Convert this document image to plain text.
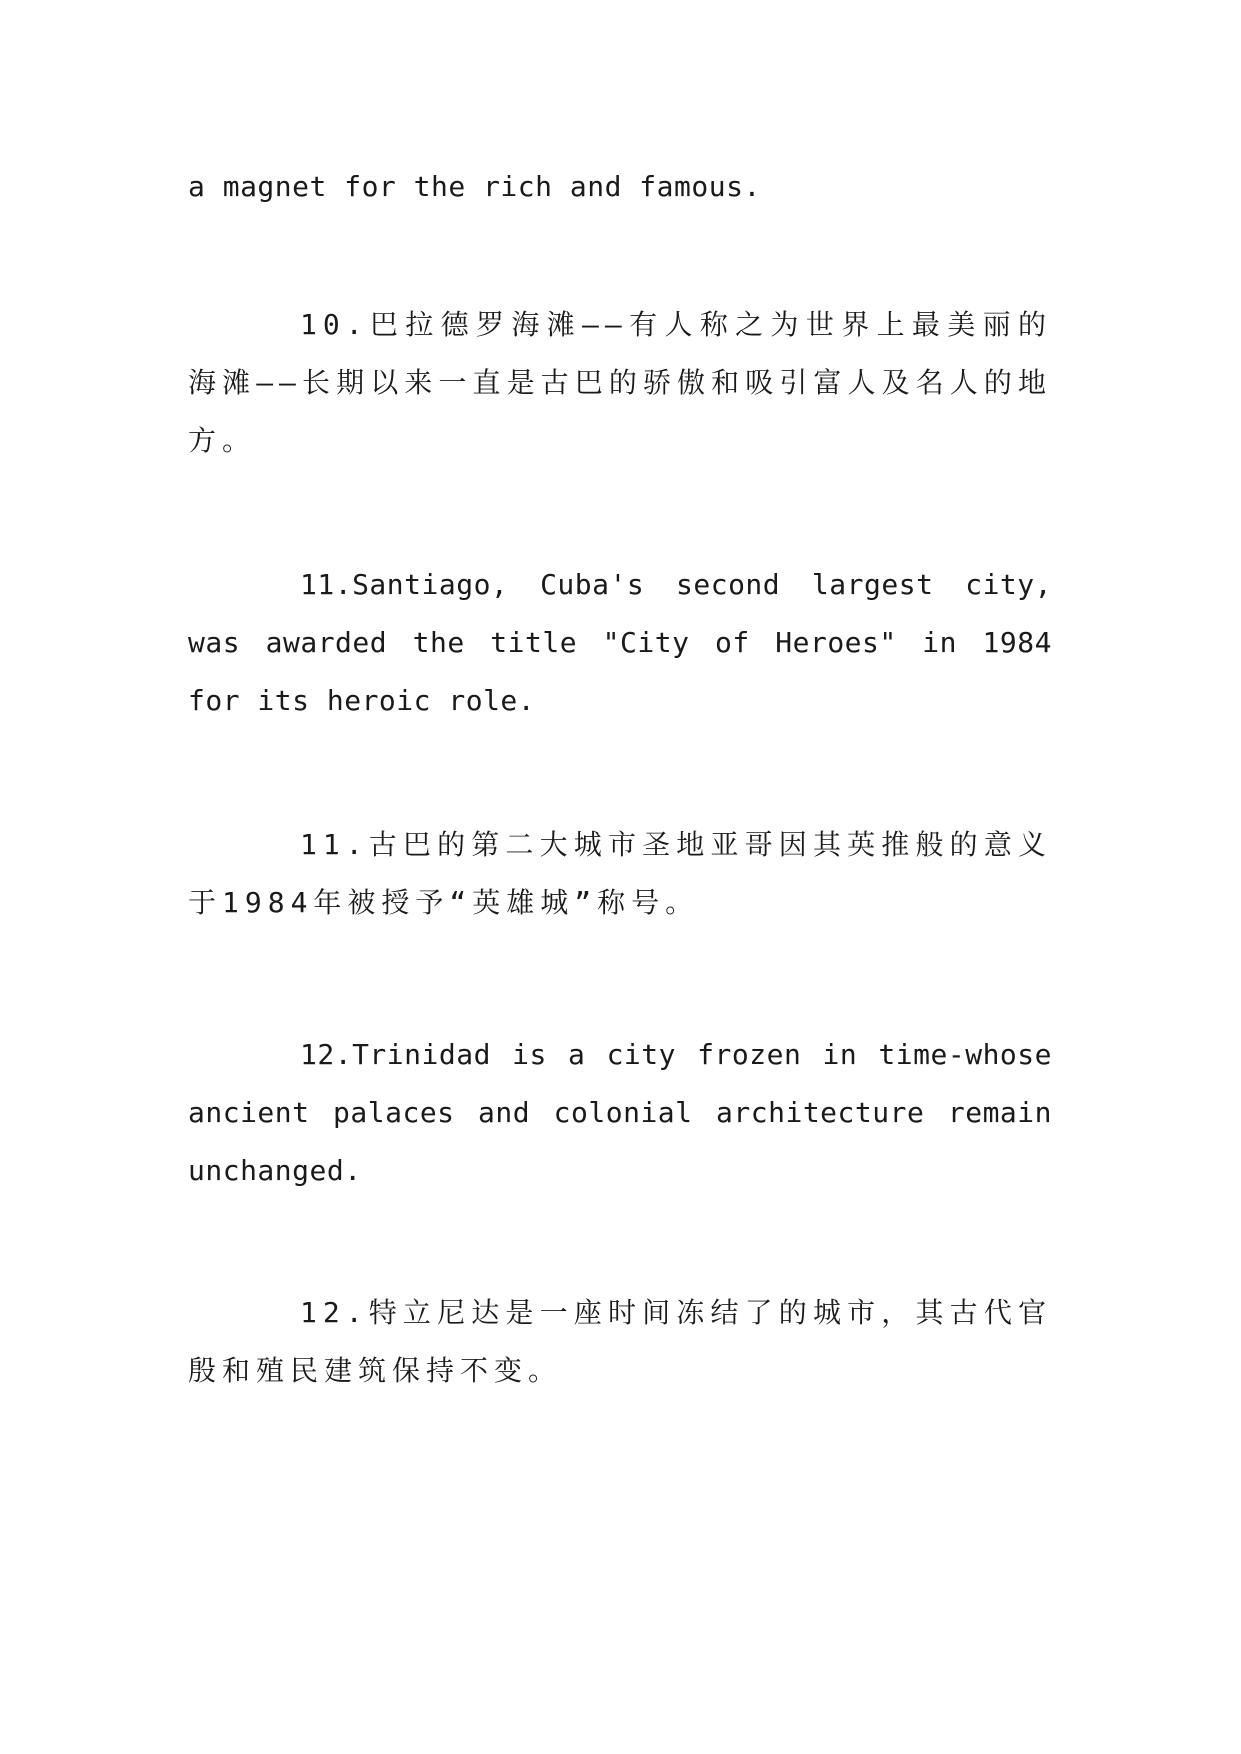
a magnet for the rich and famous.

10.巴拉德罗海滩——有人称之为世界上最美丽的海滩——长期以来一直是古巴的骄傲和吸引富人及名人的地方。

11.Santiago, Cuba's second largest city, was awarded the title "City of Heroes" in 1984 for its heroic role.

11.古巴的第二大城市圣地亚哥因其英推般的意义于1984年被授予“英雄城”称号。

12.Trinidad is a city frozen in time-whose ancient palaces and colonial architecture remain unchanged.

12.特立尼达是一座时间冻结了的城市，其古代官殷和殖民建筑保持不变。
